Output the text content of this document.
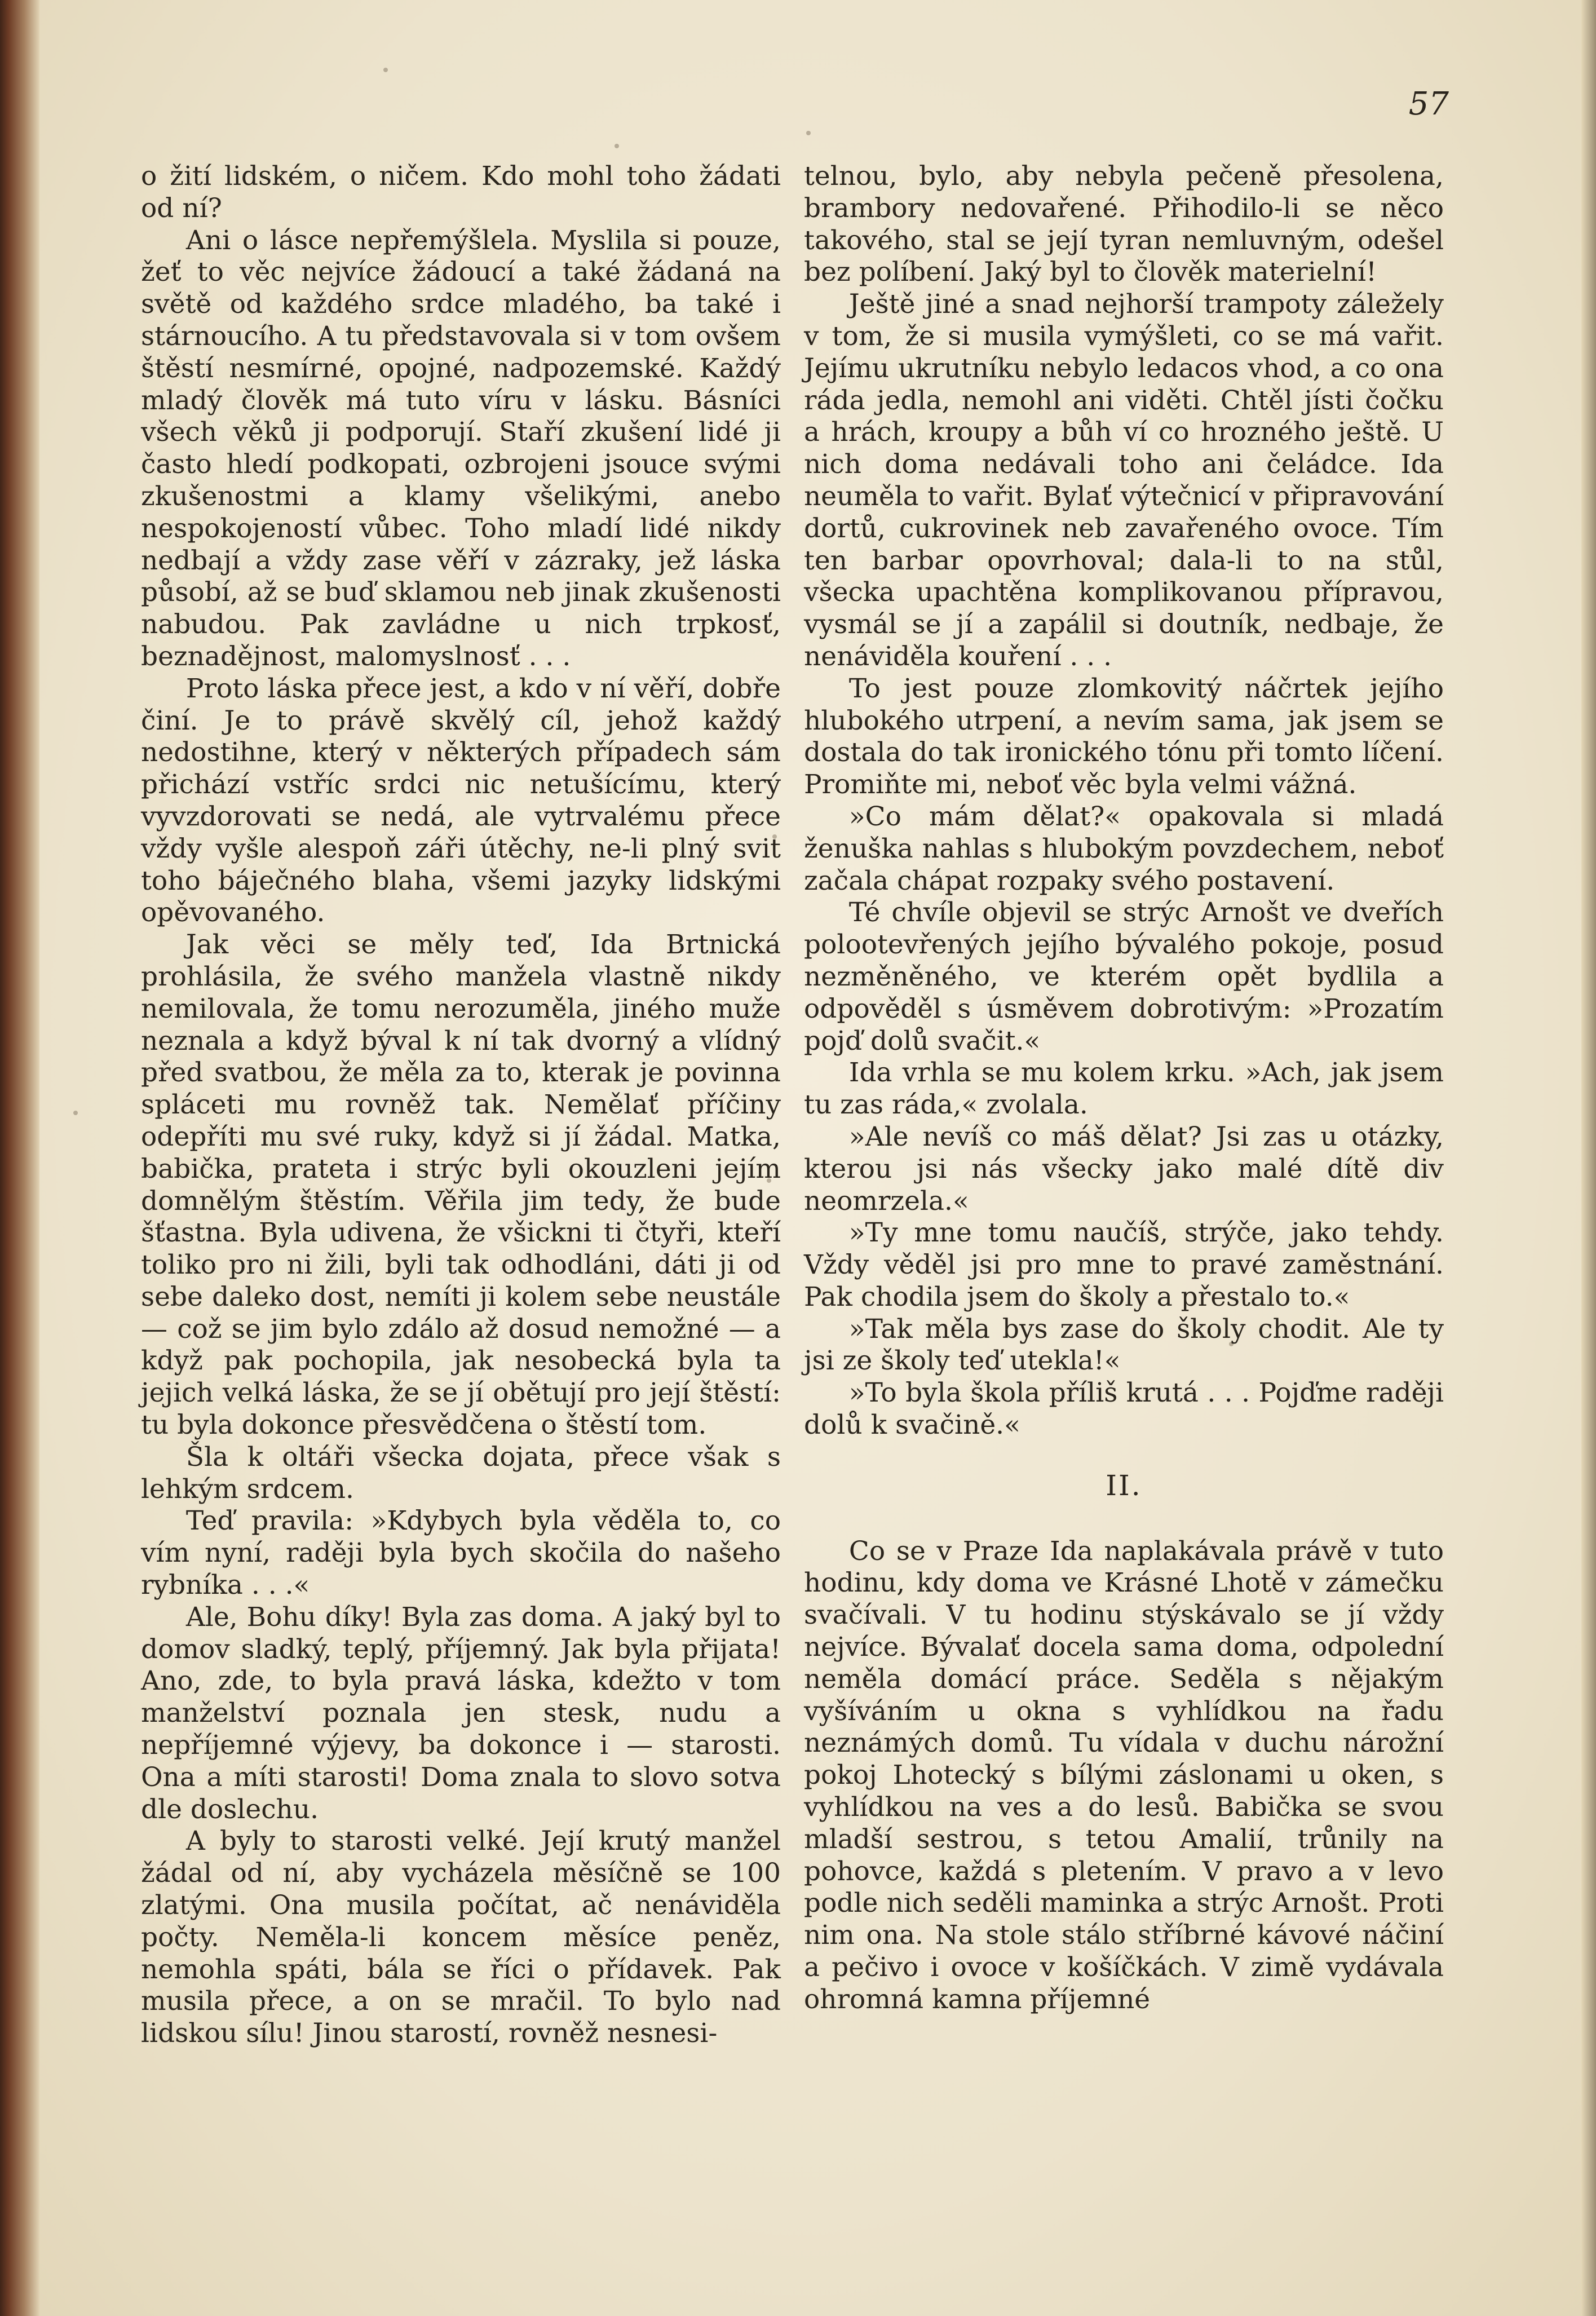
57

o žití lidském, o ničem. Kdo mohl toho žádati od ní?

Ani o lásce nepřemýšlela. Myslila si pouze, žeť to věc nejvíce žádoucí a také žádaná na světě od každého srdce mladého, ba také i stárnoucího. A tu představovala si v tom ovšem štěstí nesmírné, opojné, nadpozemské. Každý mladý člověk má tuto víru v lásku. Básníci všech věků ji podporují. Staří zkušení lidé ji často hledí podkopati, ozbrojeni jsouce svými zkušenostmi a klamy všelikými, anebo nespokojeností vůbec. Toho mladí lidé nikdy nedbají a vždy zase věří v zázraky, jež láska působí, až se buď sklamou neb jinak zkušenosti nabudou. Pak zavládne u nich trpkosť, beznadějnost, malomyslnosť . . .

Proto láska přece jest, a kdo v ní věří, dobře činí. Je to právě skvělý cíl, jehož každý nedostihne, který v některých případech sám přichází vstříc srdci nic netušícímu, který vyvzdorovati se nedá, ale vytrvalému přece vždy vyšle alespoň záři útěchy, ne-li plný svit toho báječného blaha, všemi jazyky lidskými opěvovaného.

Jak věci se měly teď, Ida Brtnická prohlásila, že svého manžela vlastně nikdy nemilovala, že tomu nerozuměla, jiného muže neznala a když býval k ní tak dvorný a vlídný před svatbou, že měla za to, kterak je povinna spláceti mu rovněž tak. Nemělať příčiny odepříti mu své ruky, když si jí žádal. Matka, babička, prateta i strýc byli okouzleni jejím domnělým štěstím. Věřila jim tedy, že bude šťastna. Byla udivena, že všickni ti čtyři, kteří toliko pro ni žili, byli tak odhodláni, dáti ji od sebe daleko dost, nemíti ji kolem sebe neustále — což se jim bylo zdálo až dosud nemožné — a když pak pochopila, jak nesobecká byla ta jejich velká láska, že se jí obětují pro její štěstí: tu byla dokonce přesvědčena o štěstí tom.

Šla k oltáři všecka dojata, přece však s lehkým srdcem.

Teď pravila: »Kdybych byla věděla to, co vím nyní, raději byla bych skočila do našeho rybníka . . .«

Ale, Bohu díky! Byla zas doma. A jaký byl to domov sladký, teplý, příjemný. Jak byla přijata! Ano, zde, to byla pravá láska, kdežto v tom manželství poznala jen stesk, nudu a nepříjemné výjevy, ba dokonce i — starosti. Ona a míti starosti! Doma znala to slovo sotva dle doslechu.

A byly to starosti velké. Její krutý manžel žádal od ní, aby vycházela měsíčně se 100 zlatými. Ona musila počítat, ač nenáviděla počty. Neměla-li koncem měsíce peněz, nemohla spáti, bála se říci o přídavek. Pak musila přece, a on se mračil. To bylo nad lidskou sílu! Jinou starostí, rovněž nesnesi-

telnou, bylo, aby nebyla pečeně přesolena, brambory nedovařené. Přihodilo-li se něco takového, stal se její tyran nemluvným, odešel bez políbení. Jaký byl to člověk materielní!

Ještě jiné a snad nejhorší trampoty záležely v tom, že si musila vymýšleti, co se má vařit. Jejímu ukrutníku nebylo ledacos vhod, a co ona ráda jedla, nemohl ani viděti. Chtěl jísti čočku a hrách, kroupy a bůh ví co hrozného ještě. U nich doma nedávali toho ani čeládce. Ida neuměla to vařit. Bylať výtečnicí v připravování dortů, cukrovinek neb zavařeného ovoce. Tím ten barbar opovrhoval; dala-li to na stůl, všecka upachtěna komplikovanou přípravou, vysmál se jí a zapálil si doutník, nedbaje, že nenáviděla kouření . . .

To jest pouze zlomkovitý náčrtek jejího hlubokého utrpení, a nevím sama, jak jsem se dostala do tak ironického tónu při tomto líčení. Promiňte mi, neboť věc byla velmi vážná.

»Co mám dělat?« opakovala si mladá ženuška nahlas s hlubokým povzdechem, neboť začala chápat rozpaky svého postavení.

Té chvíle objevil se strýc Arnošt ve dveřích polootevřených jejího bývalého pokoje, posud nezměněného, ve kterém opět bydlila a odpověděl s úsměvem dobrotivým: »Prozatím pojď dolů svačit.«

Ida vrhla se mu kolem krku. »Ach, jak jsem tu zas ráda,« zvolala.

»Ale nevíš co máš dělat? Jsi zas u otázky, kterou jsi nás všecky jako malé dítě div neomrzela.«

»Ty mne tomu naučíš, strýče, jako tehdy. Vždy věděl jsi pro mne to pravé zaměstnání. Pak chodila jsem do školy a přestalo to.«

»Tak měla bys zase do školy chodit. Ale ty jsi ze školy teď utekla!«

»To byla škola příliš krutá . . . Pojďme raději dolů k svačině.«

II.

Co se v Praze Ida naplakávala právě v tuto hodinu, kdy doma ve Krásné Lhotě v zámečku svačívali. V tu hodinu stýskávalo se jí vždy nejvíce. Bývalať docela sama doma, odpolední neměla domácí práce. Seděla s nějakým vyšíváním u okna s vyhlídkou na řadu neznámých domů. Tu vídala v duchu nárožní pokoj Lhotecký s bílými záslonami u oken, s vyhlídkou na ves a do lesů. Babička se svou mladší sestrou, s tetou Amalií, trůnily na pohovce, každá s pletením. V pravo a v levo podle nich seděli maminka a strýc Arnošt. Proti nim ona. Na stole stálo stříbrné kávové náčiní a pečivo i ovoce v košíčkách. V zimě vydávala ohromná kamna příjemné
